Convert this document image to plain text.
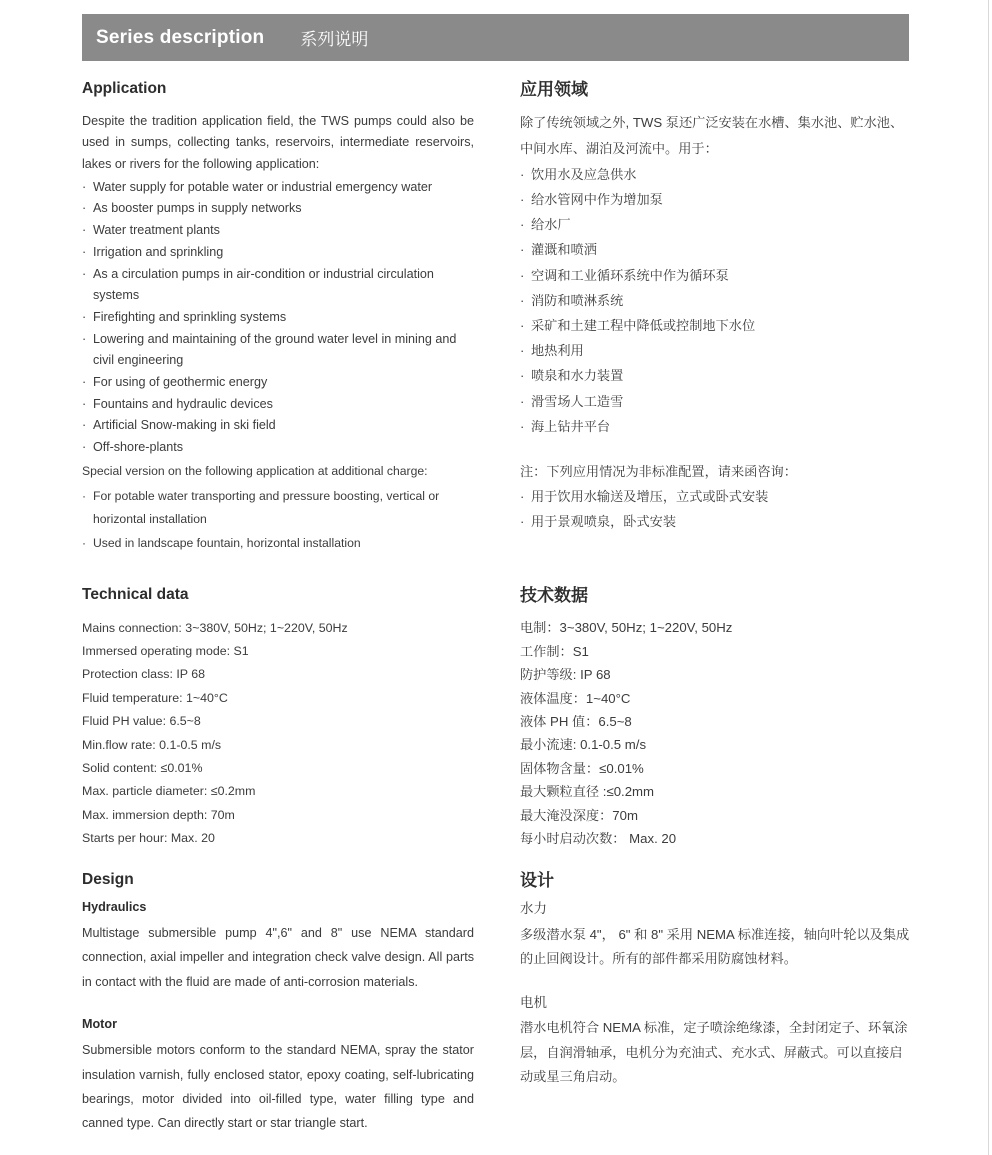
Series description 系列说明
Application

Despite the tradition application field, the TWS pumps could also be used in sumps, collecting tanks, reservoirs, intermediate reservoirs, lakes or rivers for the following application:

· Water supply for potable water or industrial emergency water
· As booster pumps in supply networks
· Water treatment plants
· Irrigation and sprinkling
· As a circulation pumps in air-condition or industrial circulation systems
· Firefighting and sprinkling systems
· Lowering and maintaining of the ground water level in mining and civil engineering
· For using of geothermic energy
· Fountains and hydraulic devices
· Artificial Snow-making in ski field
· Off-shore-plants
应用领域

除了传统领域之外, TWS 泵还广泛安装在水槽、集水池、贮水池、中间水库、湖泊及河流中。用于：

· 饮用水及应急供水
· 给水管网中作为增加泵
· 给水厂
· 灌溉和喷洒
· 空调和工业循环系统中作为循环泵
· 消防和喷淋系统
· 采矿和土建工程中降低或控制地下水位
· 地热利用
· 喷泉和水力装置
· 滑雪场人工造雪
· 海上钻井平台

Special version on the following application at additional charge:

· For potable water transporting and pressure boosting, vertical or horizontal installation
· Used in landscape fountain, horizontal installation

注：下列应用情况为非标准配置，请来函咨询：

· 用于饮用水输送及增压，立式或卧式安装
· 用于景观喷泉，卧式安装
Technical data
Mains connection: 3~380V, 50Hz; 1~220V, 50Hz
Immersed operating mode: S1
Protection class: IP 68
Fluid temperature: 1~40°C
Fluid PH value: 6.5~8
Min.flow rate: 0.1-0.5 m/s
Solid content: ≤0.01%
Max. particle diameter: ≤0.2mm
Max. immersion depth: 70m
Starts per hour: Max. 20
技术数据
电制：3~380V, 50Hz; 1~220V, 50Hz
工作制：S1
防护等级: IP 68
液体温度：1~40°C
液体 PH 值：6.5~8
最小流速: 0.1-0.5 m/s
固体物含量：≤0.01%
最大颗粒直径 :≤0.2mm
最大淹没深度：70m
每小时启动次数： Max. 20
Design
Hydraulics

Multistage submersible pump 4",6" and 8" use NEMA standard connection, axial impeller and integration check valve design. All parts in contact with the fluid are made of anti-corrosion materials.

Motor

Submersible motors conform to the standard NEMA, spray the stator insulation varnish, fully enclosed stator, epoxy coating, self-lubricating bearings, motor divided into oil-filled type, water filling type and canned type. Can directly start or star triangle start.

设计
水力

多级潜水泵 4"， 6" 和 8" 采用 NEMA 标准连接，轴向叶轮以及集成的止回阀设计。所有的部件都采用防腐蚀材料。

电机

潜水电机符合 NEMA 标准，定子喷涂绝缘漆，全封闭定子、环氧涂层，自润滑轴承，电机分为充油式、充水式、屏蔽式。可以直接启动或星三角启动。
